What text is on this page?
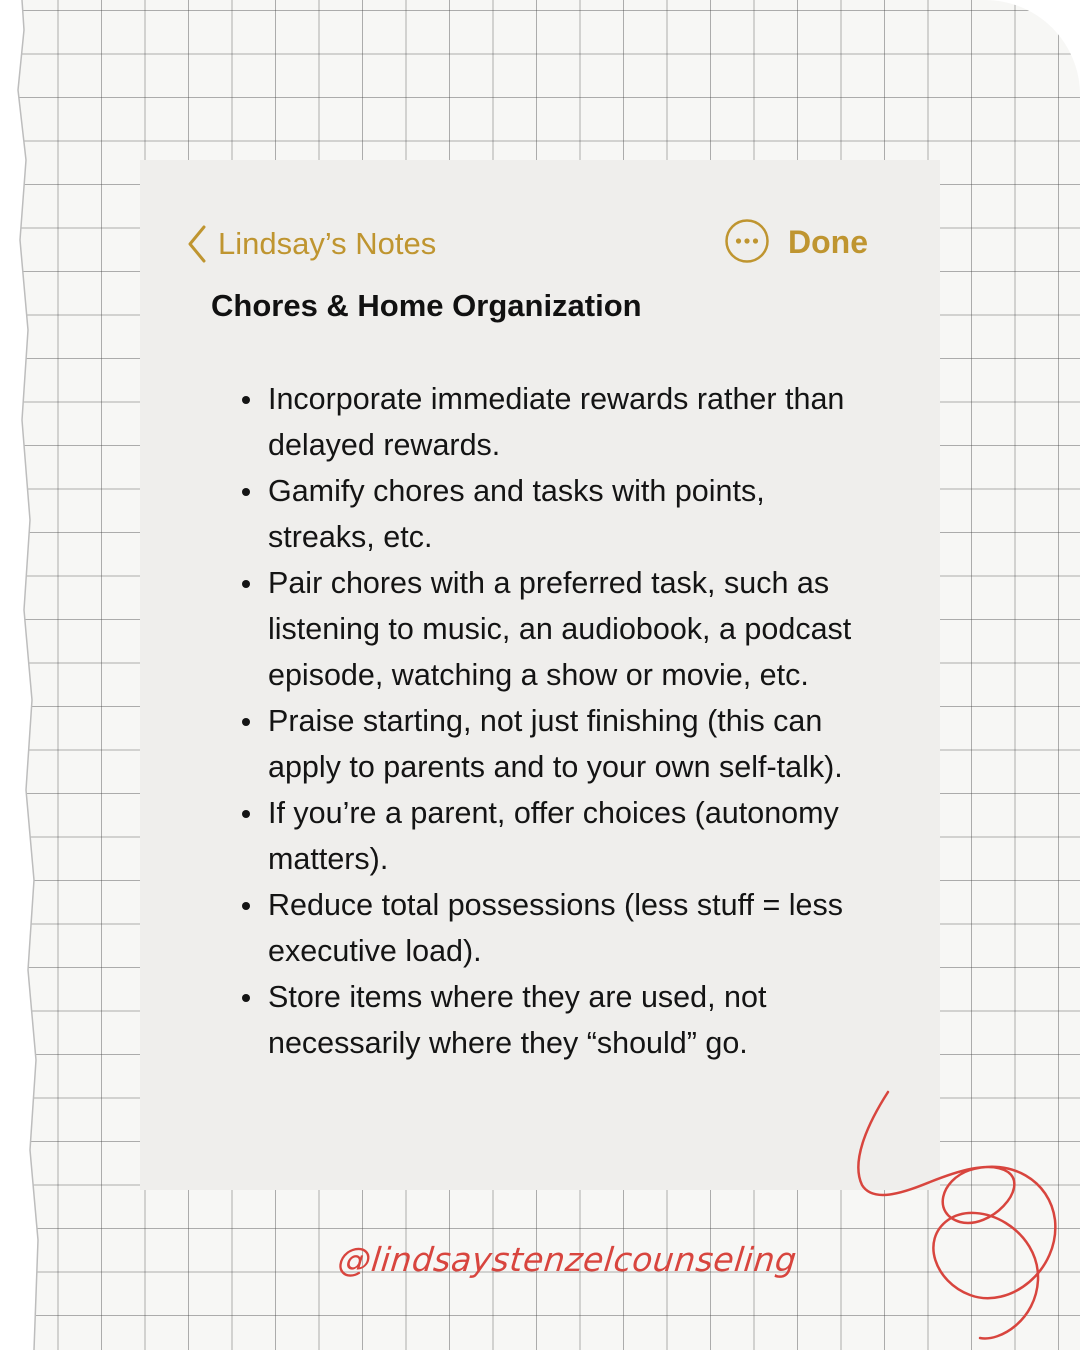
Lindsay’s Notes	Done
Chores & Home Organization
Incorporate immediate rewards rather than delayed rewards.
Gamify chores and tasks with points, streaks, etc.
Pair chores with a preferred task, such as listening to music, an audiobook, a podcast episode, watching a show or movie, etc.
Praise starting, not just finishing (this can apply to parents and to your own self-talk).
If you’re a parent, offer choices (autonomy matters).
Reduce total possessions (less stuff = less executive load).
Store items where they are used, not necessarily where they “should” go.
@lindsaystenzelcounseling
